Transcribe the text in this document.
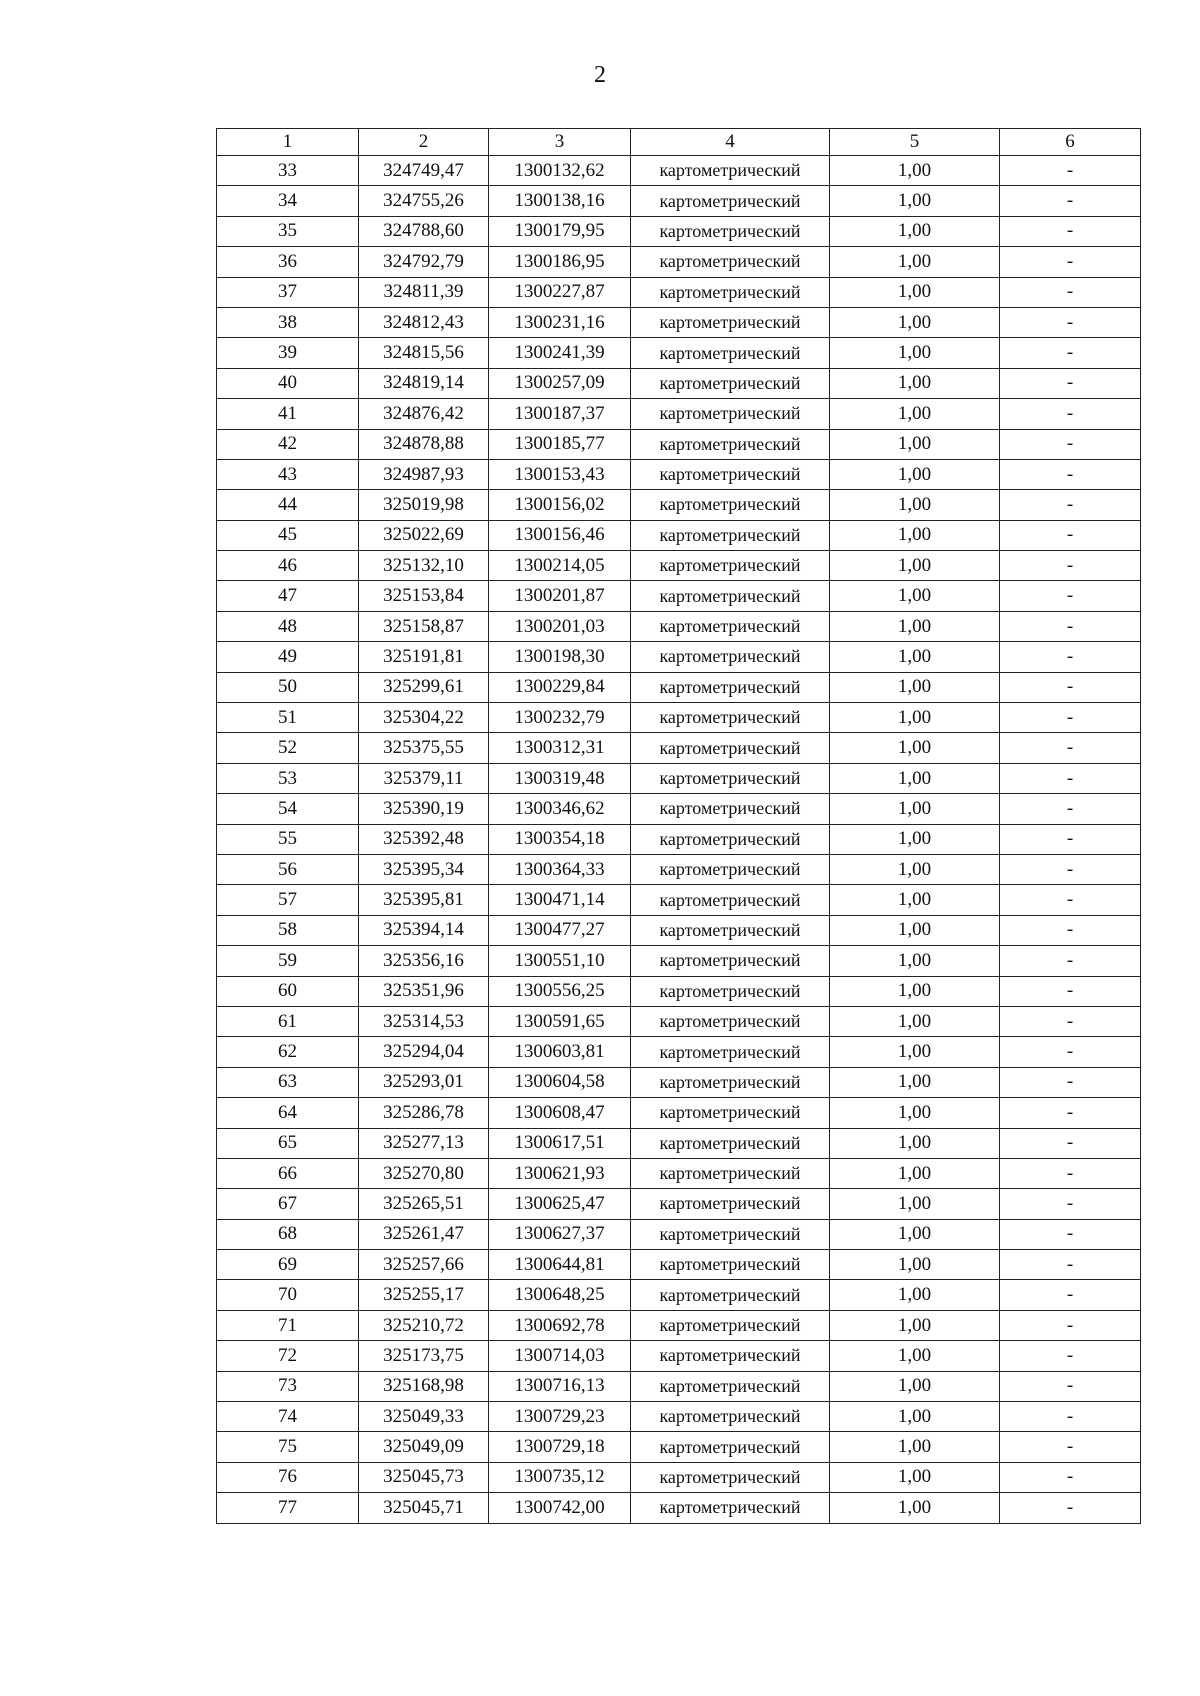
2
1	2	3	4	5	6
33	324749,47	1300132,62	картометрический	1,00	-
34	324755,26	1300138,16	картометрический	1,00	-
35	324788,60	1300179,95	картометрический	1,00	-
36	324792,79	1300186,95	картометрический	1,00	-
37	324811,39	1300227,87	картометрический	1,00	-
38	324812,43	1300231,16	картометрический	1,00	-
39	324815,56	1300241,39	картометрический	1,00	-
40	324819,14	1300257,09	картометрический	1,00	-
41	324876,42	1300187,37	картометрический	1,00	-
42	324878,88	1300185,77	картометрический	1,00	-
43	324987,93	1300153,43	картометрический	1,00	-
44	325019,98	1300156,02	картометрический	1,00	-
45	325022,69	1300156,46	картометрический	1,00	-
46	325132,10	1300214,05	картометрический	1,00	-
47	325153,84	1300201,87	картометрический	1,00	-
48	325158,87	1300201,03	картометрический	1,00	-
49	325191,81	1300198,30	картометрический	1,00	-
50	325299,61	1300229,84	картометрический	1,00	-
51	325304,22	1300232,79	картометрический	1,00	-
52	325375,55	1300312,31	картометрический	1,00	-
53	325379,11	1300319,48	картометрический	1,00	-
54	325390,19	1300346,62	картометрический	1,00	-
55	325392,48	1300354,18	картометрический	1,00	-
56	325395,34	1300364,33	картометрический	1,00	-
57	325395,81	1300471,14	картометрический	1,00	-
58	325394,14	1300477,27	картометрический	1,00	-
59	325356,16	1300551,10	картометрический	1,00	-
60	325351,96	1300556,25	картометрический	1,00	-
61	325314,53	1300591,65	картометрический	1,00	-
62	325294,04	1300603,81	картометрический	1,00	-
63	325293,01	1300604,58	картометрический	1,00	-
64	325286,78	1300608,47	картометрический	1,00	-
65	325277,13	1300617,51	картометрический	1,00	-
66	325270,80	1300621,93	картометрический	1,00	-
67	325265,51	1300625,47	картометрический	1,00	-
68	325261,47	1300627,37	картометрический	1,00	-
69	325257,66	1300644,81	картометрический	1,00	-
70	325255,17	1300648,25	картометрический	1,00	-
71	325210,72	1300692,78	картометрический	1,00	-
72	325173,75	1300714,03	картометрический	1,00	-
73	325168,98	1300716,13	картометрический	1,00	-
74	325049,33	1300729,23	картометрический	1,00	-
75	325049,09	1300729,18	картометрический	1,00	-
76	325045,73	1300735,12	картометрический	1,00	-
77	325045,71	1300742,00	картометрический	1,00	-
